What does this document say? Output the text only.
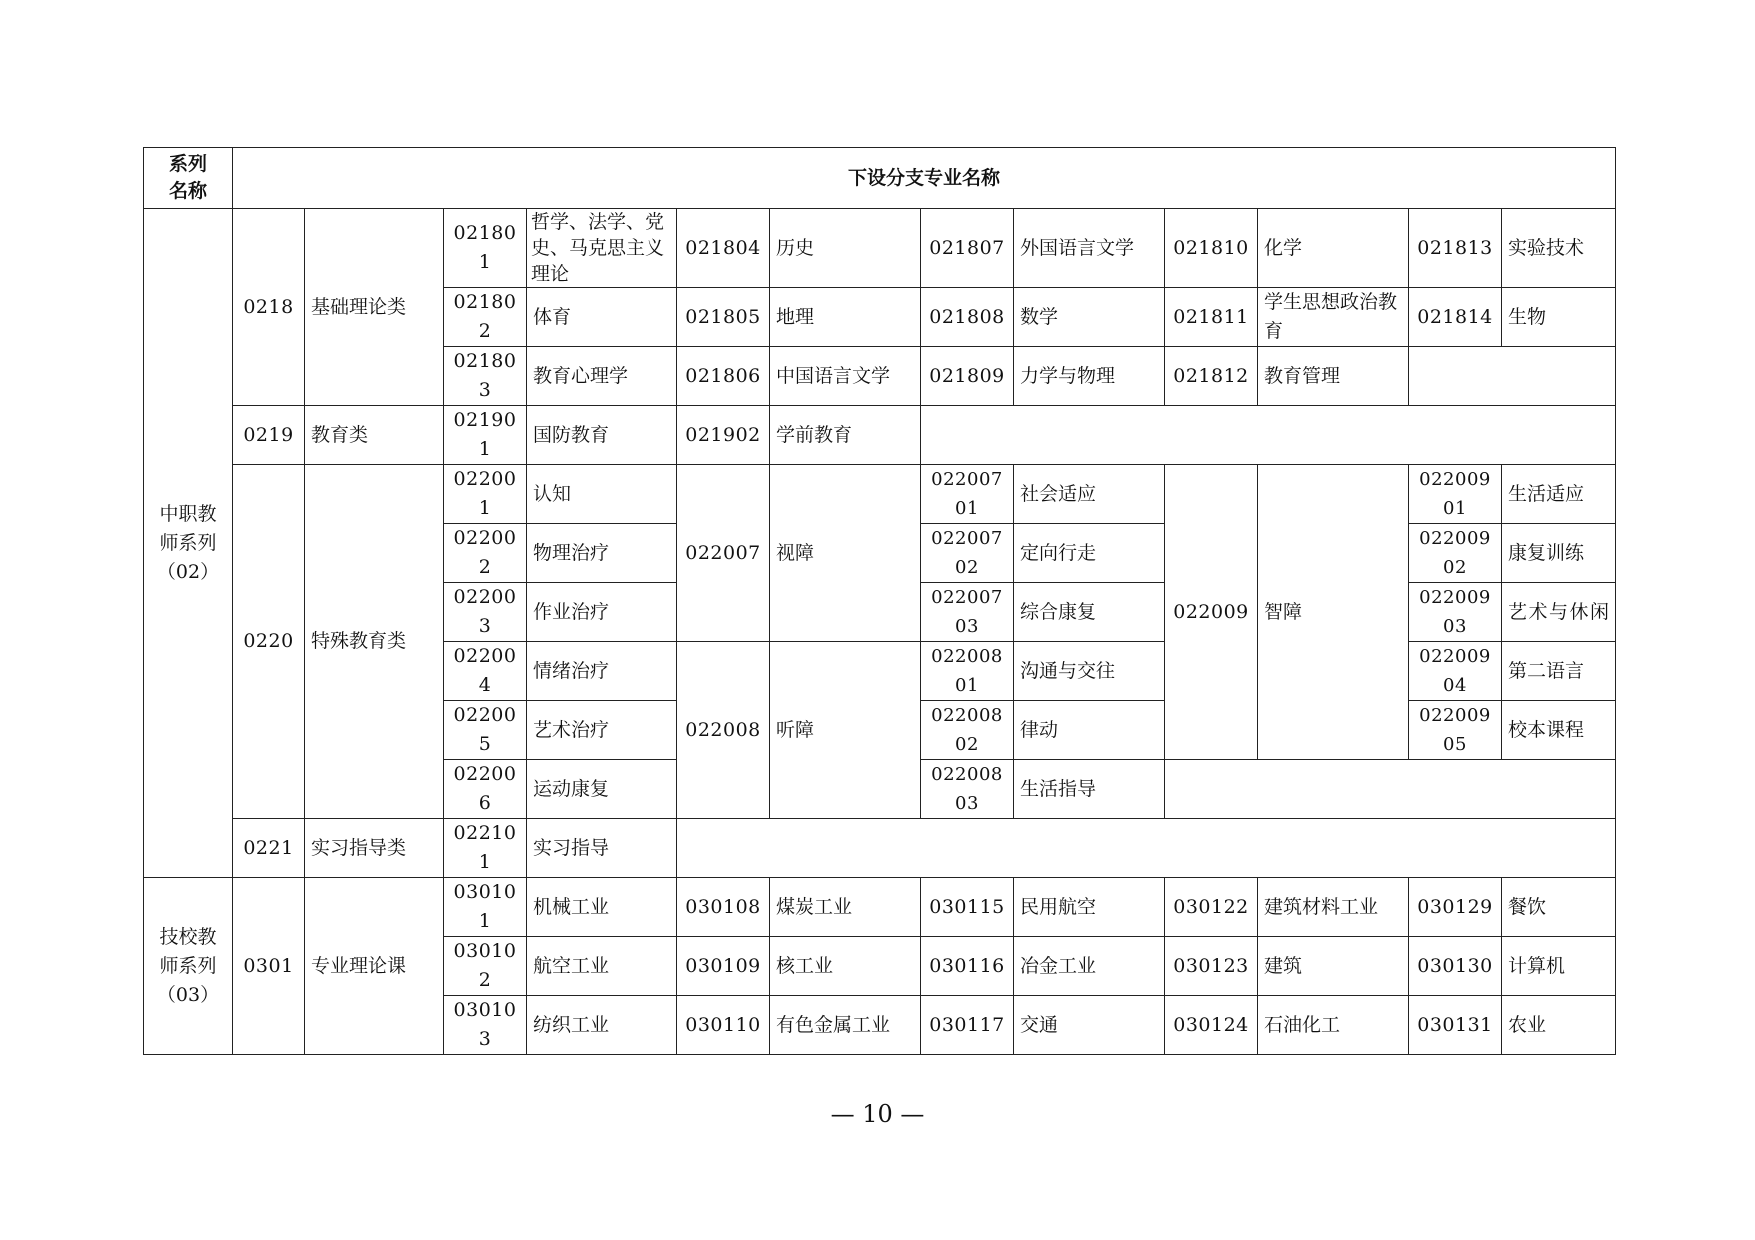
系列
名称	下设分支专业名称											
中职教
师系列
（02）	0218	基础理论类	021801	哲学、法学、党史、马克思主义理论	021804	历史	021807	外国语言文学	021810	化学	021813	实验技术
			021802	体育	021805	地理	021808	数学	021811	学生思想政治教育	021814	生物
			021803	教育心理学	021806	中国语言文学	021809	力学与物理	021812	教育管理		
	0219	教育类	021901	国防教育	021902	学前教育						
	0220	特殊教育类	022001	认知	022007	视障	02200701	社会适应	022009	智障	02200901	生活适应
			022002	物理治疗			02200702	定向行走			02200902	康复训练
			022003	作业治疗			02200703	综合康复			02200903	艺术与休闲
			022004	情绪治疗	022008	听障	02200801	沟通与交往			02200904	第二语言
			022005	艺术治疗			02200802	律动			02200905	校本课程
			022006	运动康复			02200803	生活指导				
	0221	实习指导类	022101	实习指导								
技校教
师系列
（03）	0301	专业理论课	030101	机械工业	030108	煤炭工业	030115	民用航空	030122	建筑材料工业	030129	餐饮
			030102	航空工业	030109	核工业	030116	冶金工业	030123	建筑	030130	计算机
			030103	纺织工业	030110	有色金属工业	030117	交通	030124	石油化工	030131	农业
— 10 —
